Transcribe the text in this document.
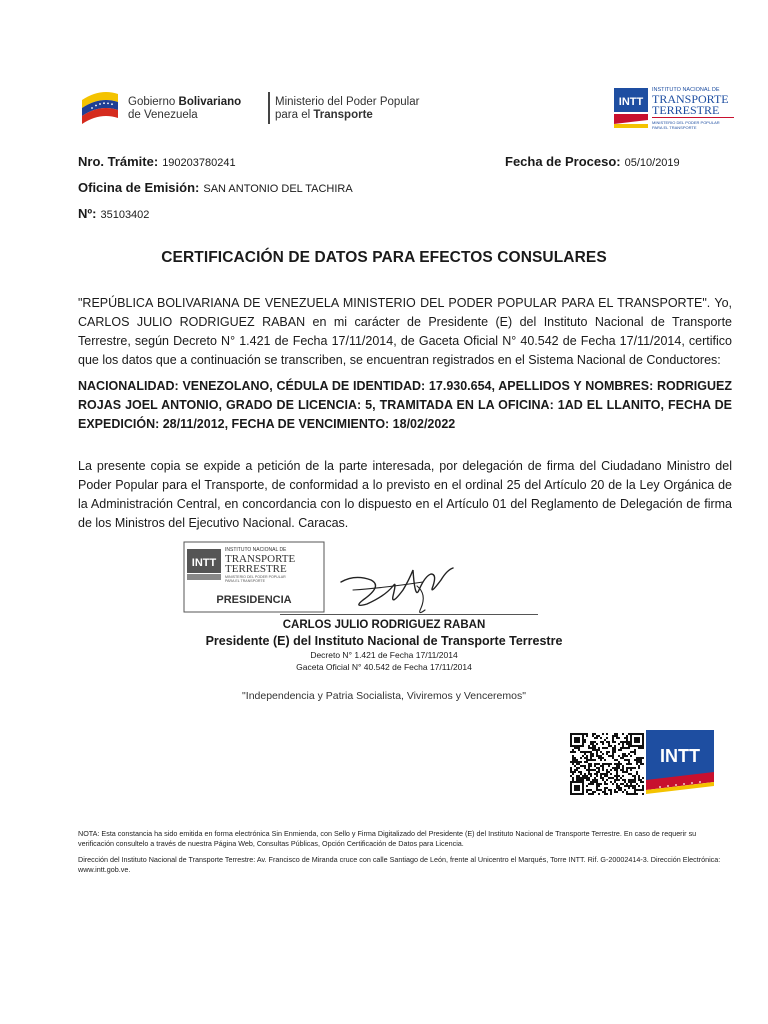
Gobierno Bolivariano
de Venezuela
Ministerio del Poder Popular
para el Transporte
INTT
INSTITUTO NACIONAL DE
TRANSPORTE
TERRESTRE
MINISTERIO DEL PODER POPULAR
PARA EL TRANSPORTE
Nro. Trámite: 190203780241	Fecha de Proceso: 05/10/2019
Oficina de Emisión: SAN ANTONIO DEL TACHIRA
Nº: 35103402
CERTIFICACIÓN DE DATOS PARA EFECTOS CONSULARES
"REPÚBLICA BOLIVARIANA DE VENEZUELA MINISTERIO DEL PODER POPULAR PARA EL TRANSPORTE". Yo, CARLOS JULIO RODRIGUEZ RABAN en mi carácter de Presidente (E) del Instituto Nacional de Transporte Terrestre, según Decreto N° 1.421 de Fecha 17/11/2014, de Gaceta Oficial N° 40.542 de Fecha 17/11/2014, certifico que los datos que a continuación se transcriben, se encuentran registrados en el Sistema Nacional de Conductores:
NACIONALIDAD: VENEZOLANO, CÉDULA DE IDENTIDAD: 17.930.654, APELLIDOS Y NOMBRES: RODRIGUEZ ROJAS JOEL ANTONIO, GRADO DE LICENCIA: 5, TRAMITADA EN LA OFICINA: 1AD EL LLANITO, FECHA DE EXPEDICIÓN: 28/11/2012, FECHA DE VENCIMIENTO: 18/02/2022
La presente copia se expide a petición de la parte interesada, por delegación de firma del Ciudadano Ministro del Poder Popular para el Transporte, de conformidad a lo previsto en el ordinal 25 del Artículo 20 de la Ley Orgánica de la Administración Central, en concordancia con lo dispuesto en el Artículo 01 del Reglamento de Delegación de firma de los Ministros del Ejecutivo Nacional. Caracas.
INTT
INSTITUTO NACIONAL DE
TRANSPORTE
TERRESTRE
MINISTERIO DEL PODER POPULAR
PARA EL TRANSPORTE
PRESIDENCIA
CARLOS JULIO RODRIGUEZ RABAN
Presidente (E) del Instituto Nacional de Transporte Terrestre
Decreto N° 1.421 de Fecha 17/11/2014
Gaceta Oficial N° 40.542 de Fecha 17/11/2014
"Independencia y Patria Socialista, Viviremos y Venceremos"
INTT
NOTA: Esta constancia ha sido emitida en forma electrónica Sin Enmienda, con Sello y Firma Digitalizado del Presidente (E) del Instituto Nacional de Transporte Terrestre. En caso de requerir su verificación consultelo a través de nuestra Página Web, Consultas Públicas, Opción Certificación de Datos para Licencia.
Dirección del Instituto Nacional de Transporte Terrestre: Av. Francisco de Miranda cruce con calle Santiago de León, frente al Unicentro el Marqués, Torre INTT. Rif. G-20002414-3. Dirección Electrónica: www.intt.gob.ve.
